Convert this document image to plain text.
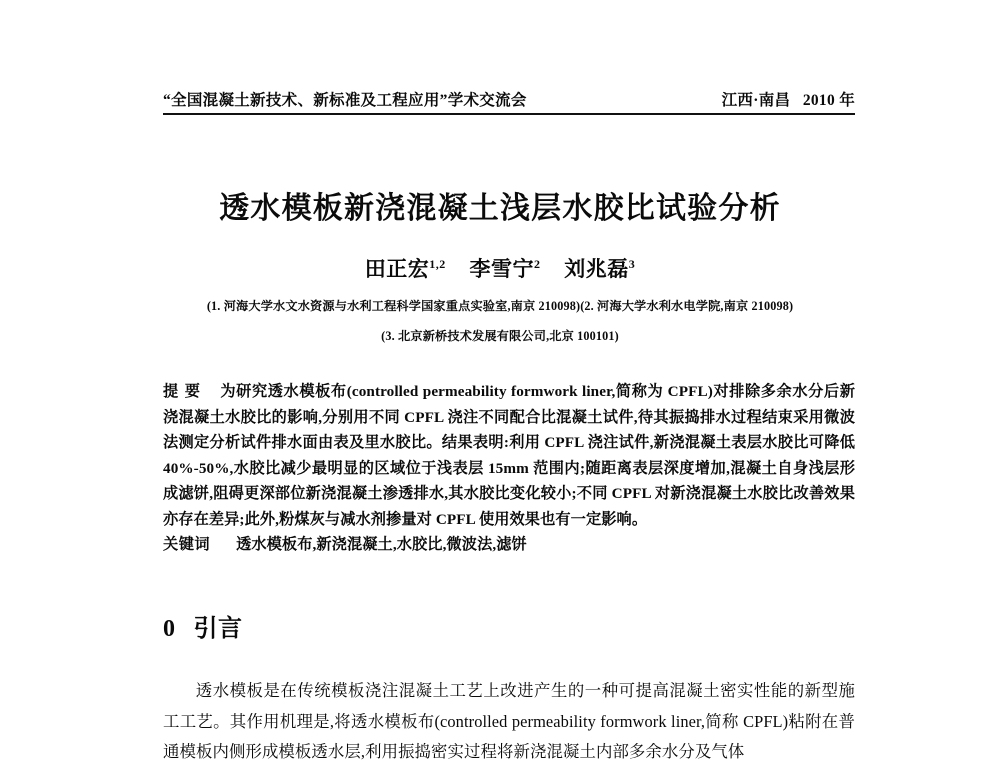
“全国混凝土新技术、新标准及工程应用”学术交流会	江西·南昌   2010 年
透水模板新浇混凝土浅层水胶比试验分析
田正宏$^{1,2}$ 李雪宁$^2$ 刘兆磊$^3$
(1. 河海大学水文水资源与水利工程科学国家重点实验室,南京 210098)(2. 河海大学水利水电学院,南京 210098)
(3. 北京新桥技术发展有限公司,北京 100101)

提要 为研究透水模板布(controlled permeability formwork liner,简称为 CPFL)对排除多余水分后新浇混凝土水胶比的影响,分别用不同 CPFL 浇注不同配合比混凝土试件,待其振捣排水过程结束采用微波法测定分析试件排水面由表及里水胶比。结果表明:利用 CPFL 浇注试件,新浇混凝土表层水胶比可降低 40%-50%,水胶比减少最明显的区域位于浅表层 15mm 范围内;随距离表层深度增加,混凝土自身浅层形成滤饼,阻碍更深部位新浇混凝土渗透排水,其水胶比变化较小;不同 CPFL 对新浇混凝土水胶比改善效果亦存在差异;此外,粉煤灰与减水剂掺量对 CPFL 使用效果也有一定影响。

关键词 透水模板布,新浇混凝土,水胶比,微波法,滤饼

0 引言

透水模板是在传统模板浇注混凝土工艺上改进产生的一种可提高混凝土密实性能的新型施工工艺。其作用机理是,将透水模板布(controlled permeability formwork liner,简称 CPFL)粘附在普通模板内侧形成模板透水层,利用振捣密实过程将新浇混凝土内部多余水分及气体
